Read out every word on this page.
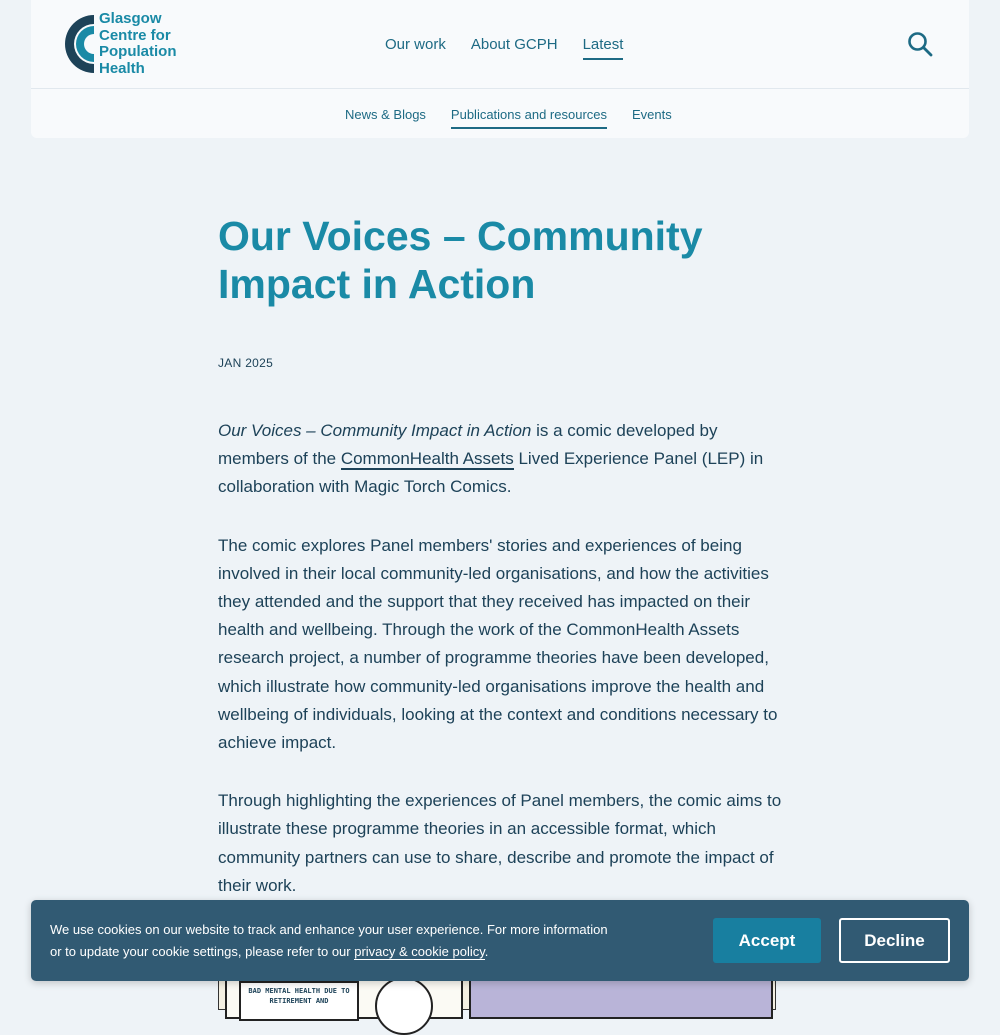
Glasgow
Centre for
Population
Health
Our work About GCPH Latest
News & Blogs Publications and resources Events
Our Voices – Community Impact in Action
JAN 2025

Our Voices – Community Impact in Action is a comic developed by members of the CommonHealth Assets Lived Experience Panel (LEP) in collaboration with Magic Torch Comics.

The comic explores Panel members' stories and experiences of being involved in their local community-led organisations, and how the activities they attended and the support that they received has impacted on their health and wellbeing. Through the work of the CommonHealth Assets research project, a number of programme theories have been developed, which illustrate how community-led organisations improve the health and wellbeing of individuals, looking at the context and conditions necessary to achieve impact.

Through highlighting the experiences of Panel members, the comic aims to illustrate these programme theories in an accessible format, which community partners can use to share, describe and promote the impact of their work.

BAD MENTAL HEALTH DUE TO RETIREMENT AND

We use cookies on our website to track and enhance your user experience. For more information or to update your cookie settings, please refer to our privacy & cookie policy.

Accept	Decline
